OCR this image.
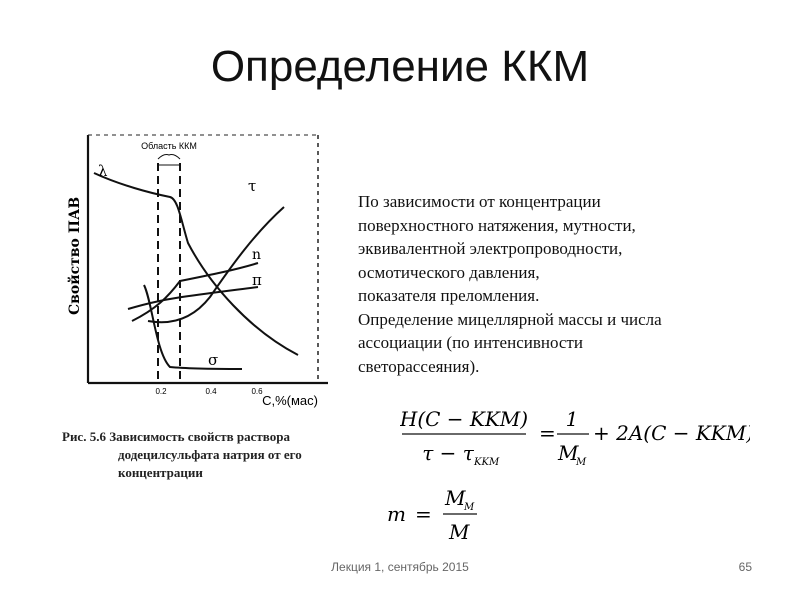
Определение ККМ
Область ККМ
λ
τ
n
π
σ
Свойство ПАВ
0.2	0.4	0.6
С,%(мас)
Рис. 5.6 Зависимость свойств раствора
додецилсульфата натрия от его
концентрации
По зависимости от концентрации
поверхностного натяжения, мутности,
эквивалентной электропроводности,
осмотического давления,
показателя преломления.
Определение мицеллярной массы и числа
ассоциации (по интенсивности
светорассеяния).
H(C − KKM)
τ − τ KKM
=
1
M
M
+ 2A(C − KKM)
m =
M
M
M
Лекция 1, сентябрь 2015	65
